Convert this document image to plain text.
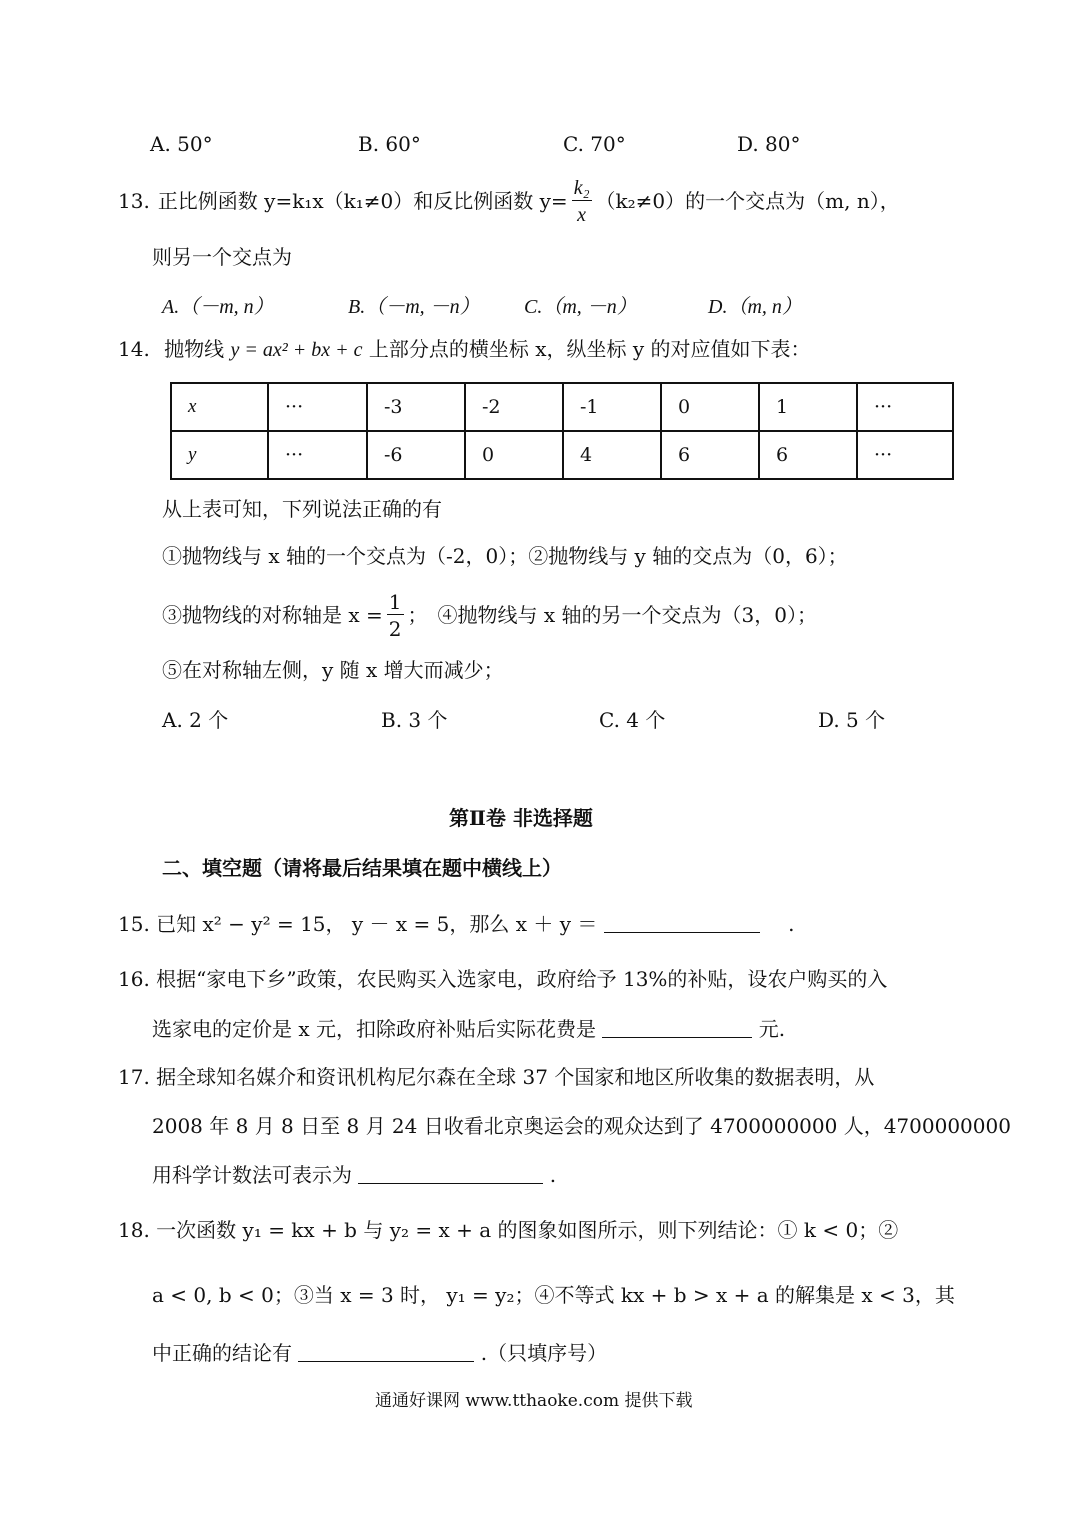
A. 50°	B. 60°	C. 70°	D. 80°
13. 正比例函数 y=k₁x（k₁≠0）和反比例函数 $y= \frac{\text{k₂}}{x} (k_2\ne 0)$的一个交点为（m, n），
则另一个交点为
A.（－m, n）	B.（－m, －n） C.（m, －n）	D.（m, n）
14. 抛物线 y = ax² + bx + c 上部分点的横坐标 x，纵坐标 y 的对应值如下表：
x	···	-3	-2	-1	0	1	···
y	···	-6	0	4	6	6	···
从上表可知，下列说法正确的有
①抛物线与 x 轴的一个交点为（-2，0）；②抛物线与 y 轴的交点为（0，6）；
③抛物线的对称轴是 $x = \frac{1}{2}$ ；　④抛物线与 x 轴的另一个交点为（3，0）；
⑤在对称轴左侧，y 随 x 增大而减少；
A. 2 个	B. 3 个	C. 4 个	D. 5 个
第Ⅱ卷 非选择题
二、填空题（请将最后结果填在题中横线上）
15. 已知 x² − y² = 15， y － x = 5，那么 x ＋ y ＝	.
16. 根据“家电下乡”政策，农民购买入选家电，政府给予 13%的补贴，设农户购买的入
选家电的定价是 x 元，扣除政府补贴后实际花费是	元.
17. 据全球知名媒介和资讯机构尼尔森在全球 37 个国家和地区所收集的数据表明，从
2008 年 8 月 8 日至 8 月 24 日收看北京奥运会的观众达到了 4700000000 人，4700000000
用科学计数法可表示为	.
18. 一次函数 y₁ = kx + b 与 y₂ = x + a 的图象如图所示，则下列结论：① k < 0；②
a < 0, b < 0；③当 x = 3 时， y₁ = y₂；④不等式 kx + b > x + a 的解集是 x < 3，其
中正确的结论有	.（只填序号）
通通好课网 www.tthaoke.com 提供下载
